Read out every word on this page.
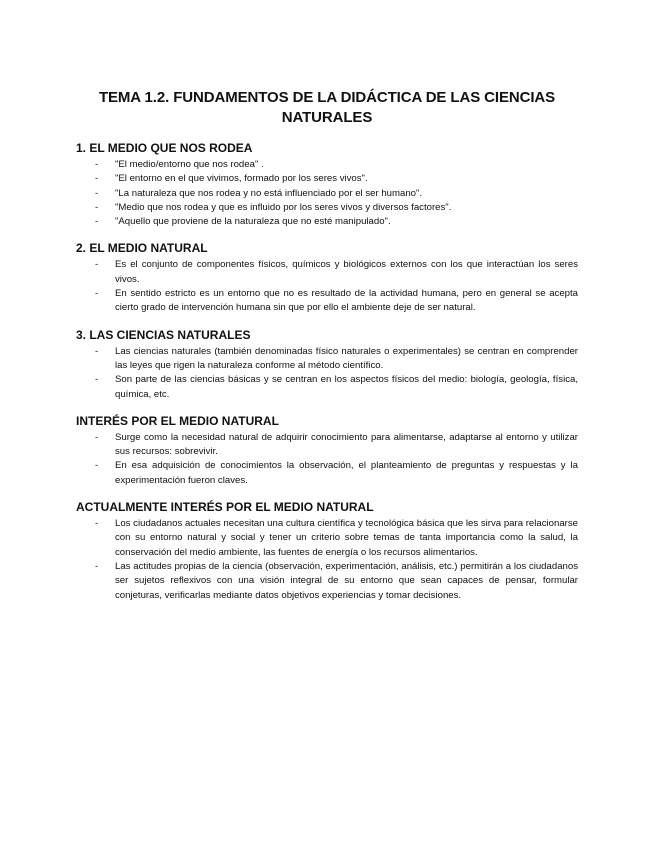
TEMA 1.2. FUNDAMENTOS DE LA DIDÁCTICA DE LAS CIENCIAS NATURALES
1. EL MEDIO QUE NOS RODEA
- "El medio/entorno que nos rodea" .
- "El entorno en el que vivimos, formado por los seres vivos".
- "La naturaleza que nos rodea y no está influenciado por el ser humano".
- "Medio que nos rodea y que es influido por los seres vivos y diversos factores".
- "Aquello que proviene de la naturaleza que no esté manipulado".
2. EL MEDIO NATURAL
- Es el conjunto de componentes físicos, químicos y biológicos externos con los que interactúan los seres vivos.
- En sentido estricto es un entorno que no es resultado de la actividad humana, pero en general se acepta cierto grado de intervención humana sin que por ello el ambiente deje de ser natural.
3. LAS CIENCIAS NATURALES
- Las ciencias naturales (también denominadas físico naturales o experimentales) se centran en comprender las leyes que rigen la naturaleza conforme al método científico.
- Son parte de las ciencias básicas y se centran en los aspectos físicos del medio: biología, geología, física, química, etc.
INTERÉS POR EL MEDIO NATURAL
- Surge como la necesidad natural de adquirir conocimiento para alimentarse, adaptarse al entorno y utilizar sus recursos: sobrevivir.
- En esa adquisición de conocimientos la observación, el planteamiento de preguntas y respuestas y la experimentación fueron claves.
ACTUALMENTE INTERÉS POR EL MEDIO NATURAL
- Los ciudadanos actuales necesitan una cultura científica y tecnológica básica que les sirva para relacionarse con su entorno natural y social y tener un criterio sobre temas de tanta importancia como la salud, la conservación del medio ambiente, las fuentes de energía o los recursos alimentarios.
- Las actitudes propias de la ciencia (observación, experimentación, análisis, etc.) permitirán a los ciudadanos ser sujetos reflexivos con una visión integral de su entorno que sean capaces de pensar, formular conjeturas, verificarlas mediante datos objetivos experiencias y tomar decisiones.
